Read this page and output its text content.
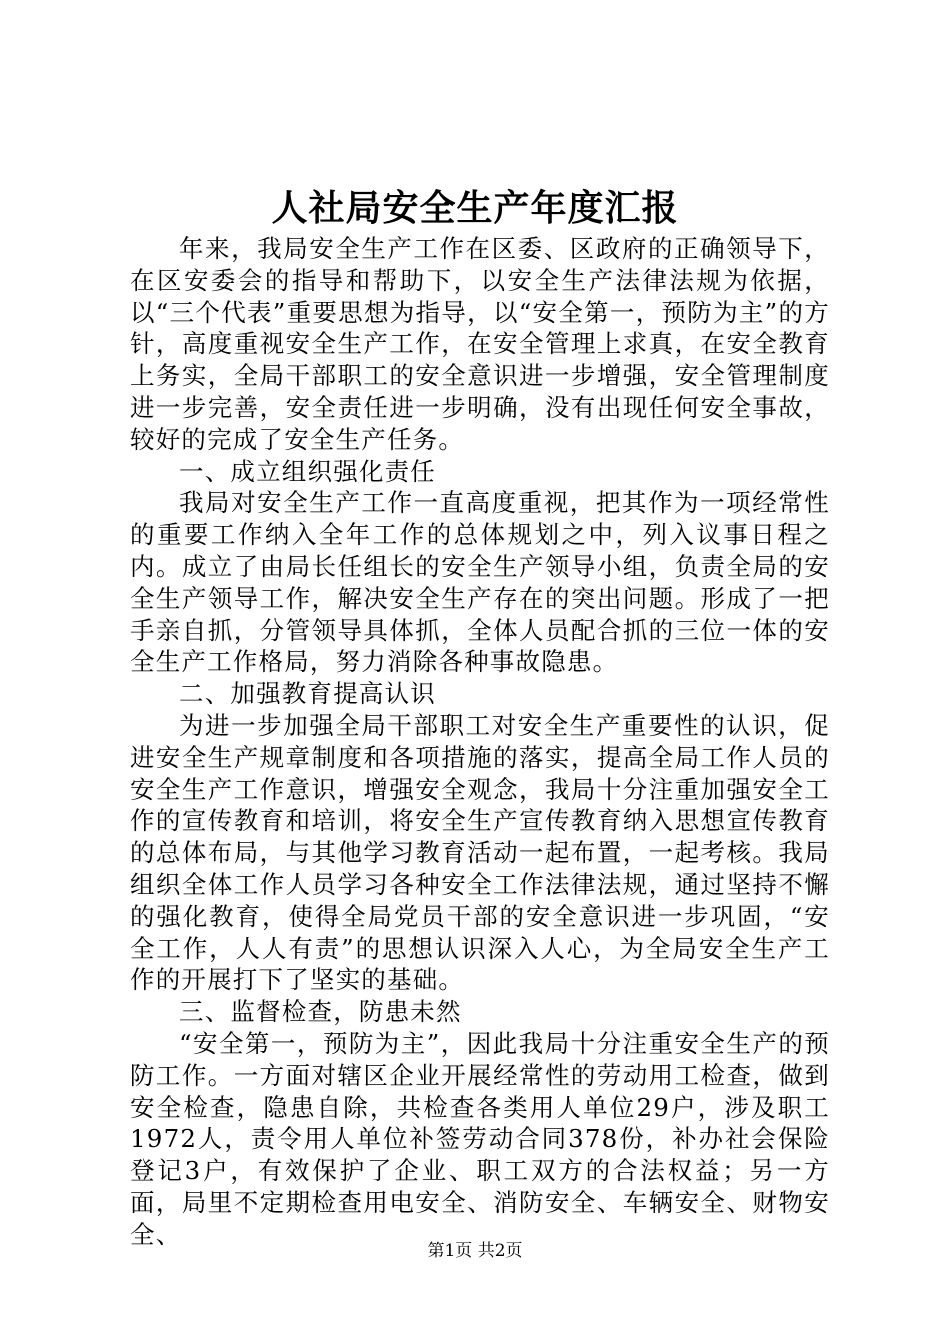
人社局安全生产年度汇报

年来，我局安全生产工作在区委、区政府的正确领导下，在区安委会的指导和帮助下，以安全生产法律法规为依据，以“三个代表”重要思想为指导，以“安全第一，预防为主”的方针，高度重视安全生产工作，在安全管理上求真，在安全教育上务实，全局干部职工的安全意识进一步增强，安全管理制度进一步完善，安全责任进一步明确，没有出现任何安全事故，较好的完成了安全生产任务。

一、成立组织强化责任

我局对安全生产工作一直高度重视，把其作为一项经常性的重要工作纳入全年工作的总体规划之中，列入议事日程之内。成立了由局长任组长的安全生产领导小组，负责全局的安全生产领导工作，解决安全生产存在的突出问题。形成了一把手亲自抓，分管领导具体抓，全体人员配合抓的三位一体的安全生产工作格局，努力消除各种事故隐患。

二、加强教育提高认识

为进一步加强全局干部职工对安全生产重要性的认识，促进安全生产规章制度和各项措施的落实，提高全局工作人员的安全生产工作意识，增强安全观念，我局十分注重加强安全工作的宣传教育和培训，将安全生产宣传教育纳入思想宣传教育的总体布局，与其他学习教育活动一起布置，一起考核。我局组织全体工作人员学习各种安全工作法律法规，通过坚持不懈的强化教育，使得全局党员干部的安全意识进一步巩固，“安全工作，人人有责”的思想认识深入人心，为全局安全生产工作的开展打下了坚实的基础。

三、监督检查，防患未然

“安全第一，预防为主”，因此我局十分注重安全生产的预防工作。一方面对辖区企业开展经常性的劳动用工检查，做到安全检查，隐患自除，共检查各类用人单位29户，涉及职工1972人，责令用人单位补签劳动合同378份，补办社会保险登记3户，有效保护了企业、职工双方的合法权益；另一方面，局里不定期检查用电安全、消防安全、车辆安全、财物安全、

第1页 共2页
